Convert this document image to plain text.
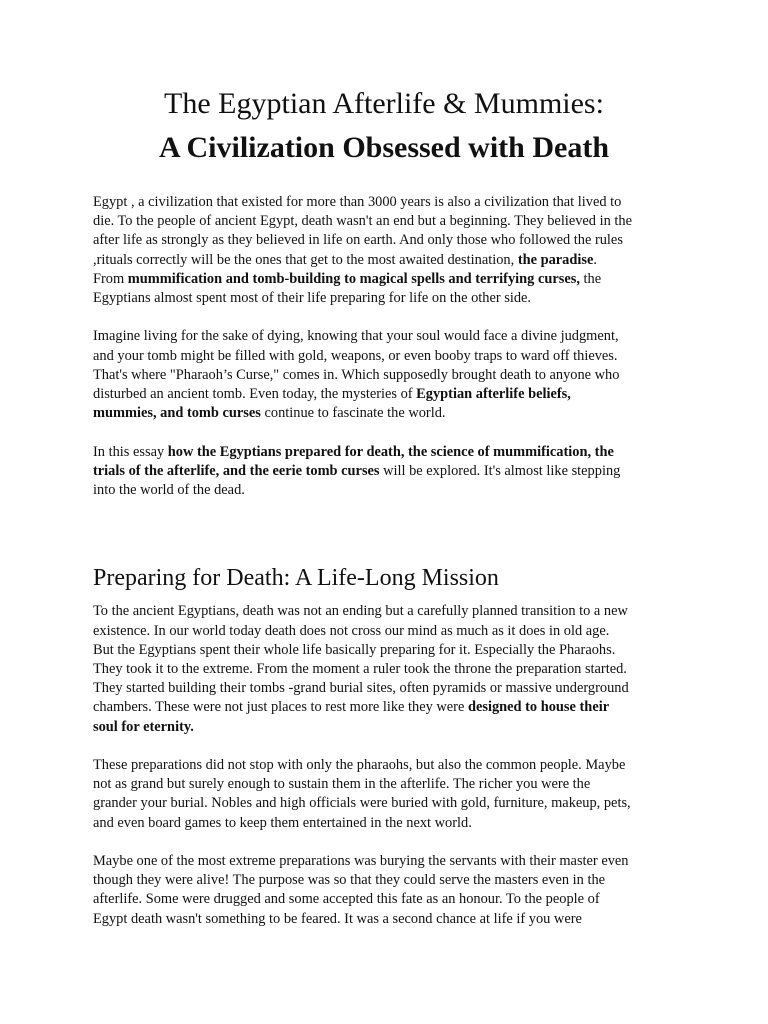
The Egyptian Afterlife & Mummies:
A Civilization Obsessed with Death

Egypt , a civilization that existed for more than 3000 years is also a civilization that lived to
die. To the people of ancient Egypt, death wasn't an end but a beginning. They believed in the
after life as strongly as they believed in life on earth. And only those who followed the rules
,rituals correctly will be the ones that get to the most awaited destination, the paradise.
From mummification and tomb-building to magical spells and terrifying curses, the
Egyptians almost spent most of their life preparing for life on the other side.

Imagine living for the sake of dying, knowing that your soul would face a divine judgment,
and your tomb might be filled with gold, weapons, or even booby traps to ward off thieves.
That's where "Pharaoh’s Curse," comes in. Which supposedly brought death to anyone who
disturbed an ancient tomb. Even today, the mysteries of Egyptian afterlife beliefs,
mummies, and tomb curses continue to fascinate the world.

In this essay how the Egyptians prepared for death, the science of mummification, the
trials of the afterlife, and the eerie tomb curses will be explored. It's almost like stepping
into the world of the dead.

Preparing for Death: A Life-Long Mission

To the ancient Egyptians, death was not an ending but a carefully planned transition to a new
existence. In our world today death does not cross our mind as much as it does in old age.
But the Egyptians spent their whole life basically preparing for it. Especially the Pharaohs.
They took it to the extreme. From the moment a ruler took the throne the preparation started.
They started building their tombs -grand burial sites, often pyramids or massive underground
chambers. These were not just places to rest more like they were designed to house their
soul for eternity.

These preparations did not stop with only the pharaohs, but also the common people. Maybe
not as grand but surely enough to sustain them in the afterlife. The richer you were the
grander your burial. Nobles and high officials were buried with gold, furniture, makeup, pets,
and even board games to keep them entertained in the next world.

Maybe one of the most extreme preparations was burying the servants with their master even
though they were alive! The purpose was so that they could serve the masters even in the
afterlife. Some were drugged and some accepted this fate as an honour. To the people of
Egypt death wasn't something to be feared. It was a second chance at life if you were
